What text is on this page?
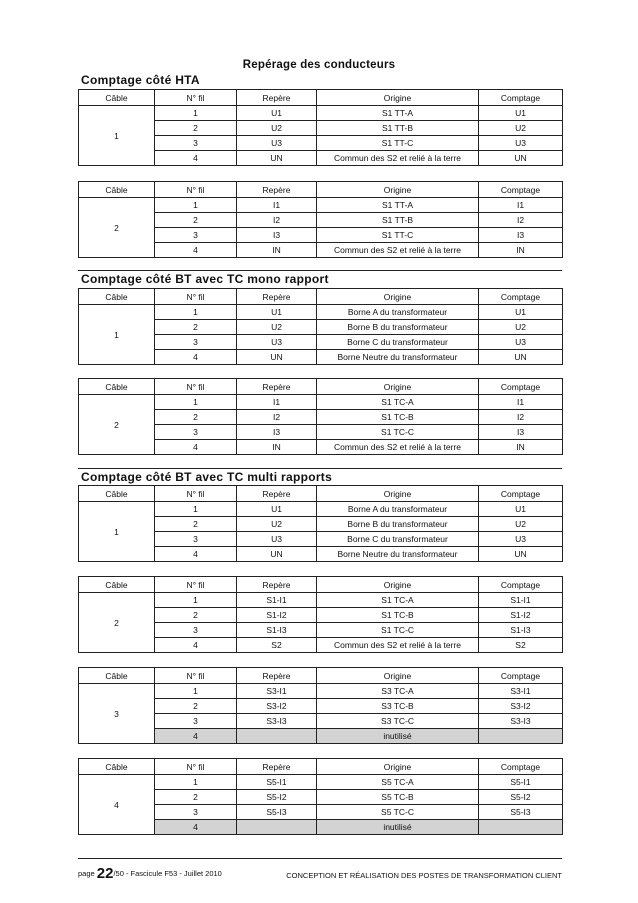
Repérage des conducteurs
Comptage côté HTA
Comptage côté BT avec TC mono rapport
Comptage côté BT avec TC multi rapports
Câble	N° fil	Repère	Origine	Comptage
1	1	U1	S1 TT-A	U1
	2	U2	S1 TT-B	U2
	3	U3	S1 TT-C	U3
	4	UN	Commun des S2 et relié à la terre	UN
Câble	N° fil	Repère	Origine	Comptage
2	1	I1	S1 TT-A	I1
	2	I2	S1 TT-B	I2
	3	I3	S1 TT-C	I3
	4	IN	Commun des S2 et relié à la terre	IN
Câble	N° fil	Repère	Origine	Comptage
1	1	U1	Borne A du transformateur	U1
	2	U2	Borne B du transformateur	U2
	3	U3	Borne C du transformateur	U3
	4	UN	Borne Neutre du transformateur	UN
Câble	N° fil	Repère	Origine	Comptage
2	1	I1	S1 TC-A	I1
	2	I2	S1 TC-B	I2
	3	I3	S1 TC-C	I3
	4	IN	Commun des S2 et relié à la terre	IN
Câble	N° fil	Repère	Origine	Comptage
1	1	U1	Borne A du transformateur	U1
	2	U2	Borne B du transformateur	U2
	3	U3	Borne C du transformateur	U3
	4	UN	Borne Neutre du transformateur	UN
Câble	N° fil	Repère	Origine	Comptage
2	1	S1-I1	S1 TC-A	S1-I1
	2	S1-I2	S1 TC-B	S1-I2
	3	S1-I3	S1 TC-C	S1-I3
	4	S2	Commun des S2 et relié à la terre	S2
Câble	N° fil	Repère	Origine	Comptage
3	1	S3-I1	S3 TC-A	S3-I1
	2	S3-I2	S3 TC-B	S3-I2
	3	S3-I3	S3 TC-C	S3-I3
	4		inutilisé	
Câble	N° fil	Repère	Origine	Comptage
4	1	S5-I1	S5 TC-A	S5-I1
	2	S5-I2	S5 TC-B	S5-I2
	3	S5-I3	S5 TC-C	S5-I3
	4		inutilisé	
page 22/50 - Fascicule F53 - Juillet 2010	CONCEPTION ET RÉALISATION DES POSTES DE TRANSFORMATION CLIENT
